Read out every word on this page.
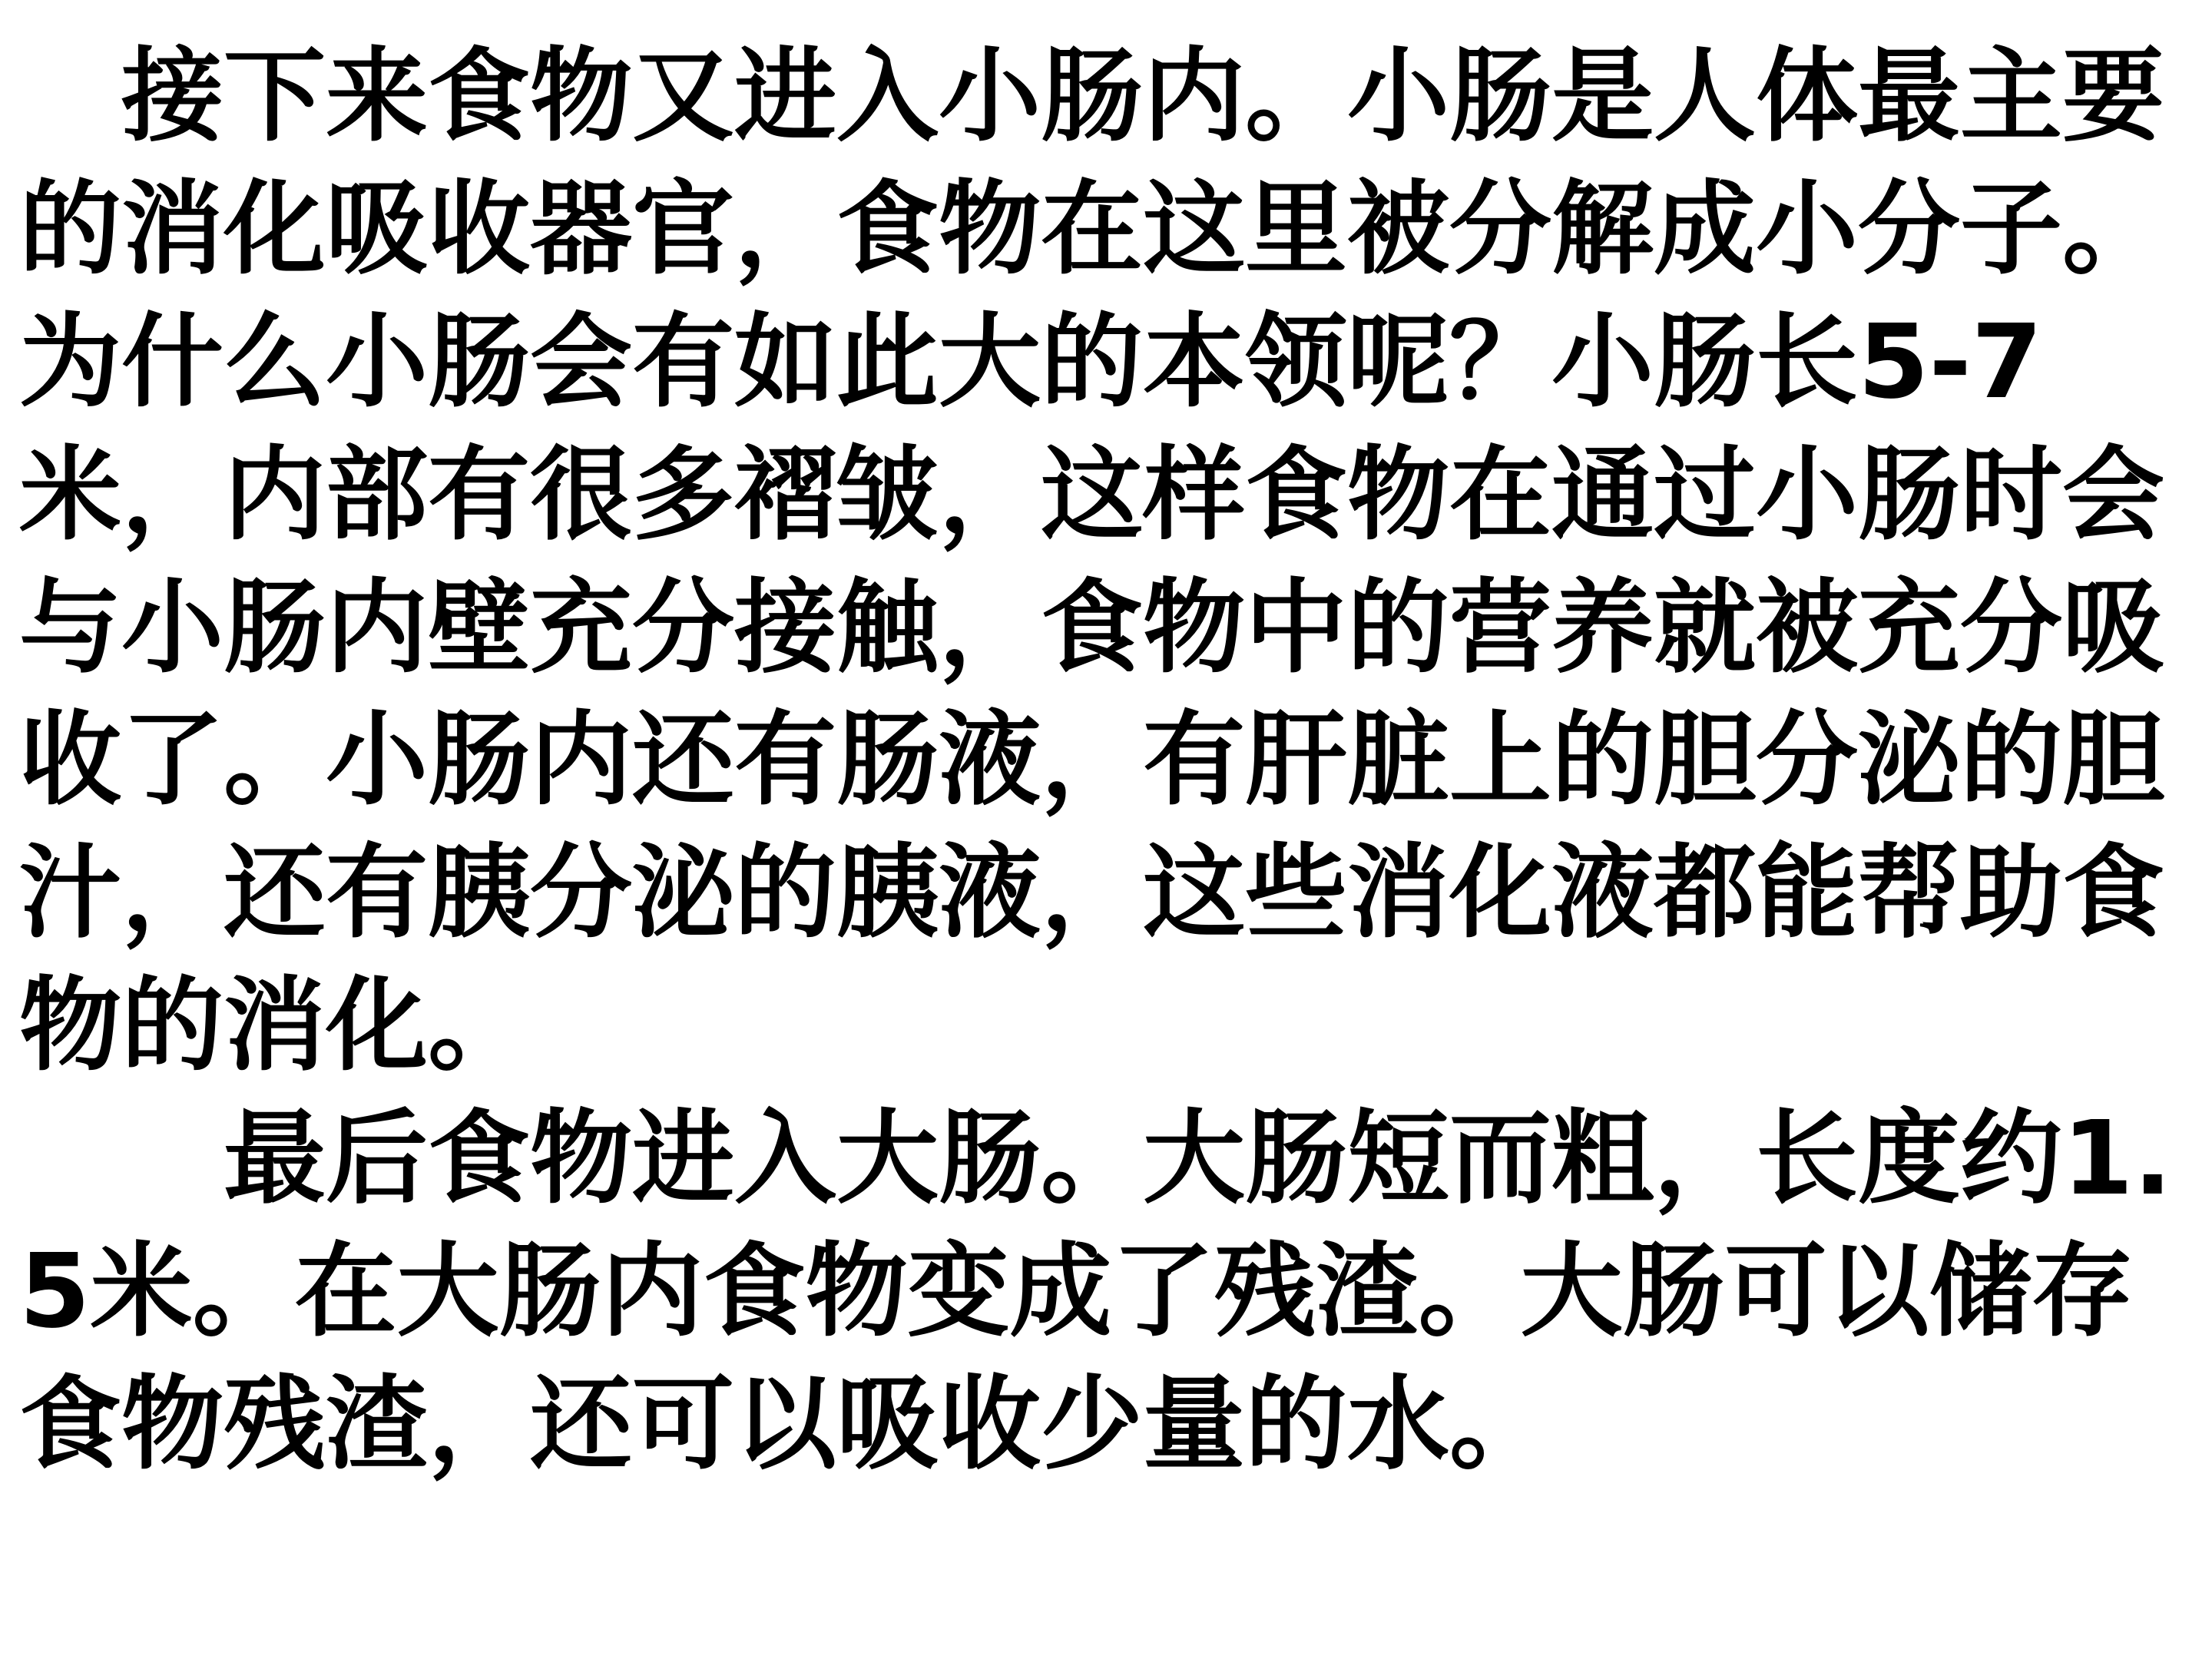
　接下来食物又进入小肠内。小肠是人体最主要的消化吸收器官，食物在这里被分解成小分子。为什么小肠会有如此大的本领呢？小肠长5-7米，内部有很多褶皱，这样食物在通过小肠时会与小肠内壁充分接触，食物中的营养就被充分吸收了。小肠内还有肠液，有肝脏上的胆分泌的胆汁，还有胰分泌的胰液，这些消化液都能帮助食物的消化。

　　最后食物进入大肠。大肠短而粗，长度约1.5米。在大肠内食物变成了残渣。大肠可以储存食物残渣，还可以吸收少量的水。
